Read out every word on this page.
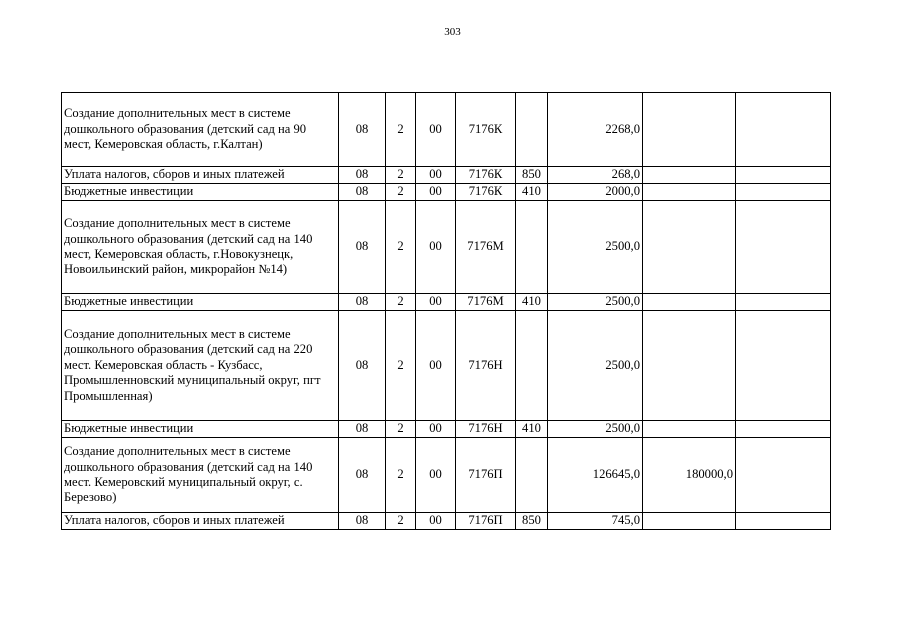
303
Создание дополнительных мест в системе дошкольного образования (детский сад на 90 мест, Кемеровская область, г.Калтан)	08	2	00	7176К		2268,0		
Уплата налогов, сборов и иных платежей	08	2	00	7176К	850	268,0		
Бюджетные инвестиции	08	2	00	7176К	410	2000,0		
Создание дополнительных мест в системе дошкольного образования (детский сад на 140 мест, Кемеровская область, г.Новокузнецк, Новоильинский район, микрорайон №14)	08	2	00	7176М		2500,0		
Бюджетные инвестиции	08	2	00	7176М	410	2500,0		
Создание дополнительных мест в системе дошкольного образования (детский сад на 220 мест. Кемеровская область - Кузбасс, Промышленновский муниципальный округ, пгт Промышленная)	08	2	00	7176Н		2500,0		
Бюджетные инвестиции	08	2	00	7176Н	410	2500,0		
Создание дополнительных мест в системе дошкольного образования (детский сад на 140 мест. Кемеровский муниципальный округ, с. Березово)	08	2	00	7176П		126645,0	180000,0	
Уплата налогов, сборов и иных платежей	08	2	00	7176П	850	745,0		
